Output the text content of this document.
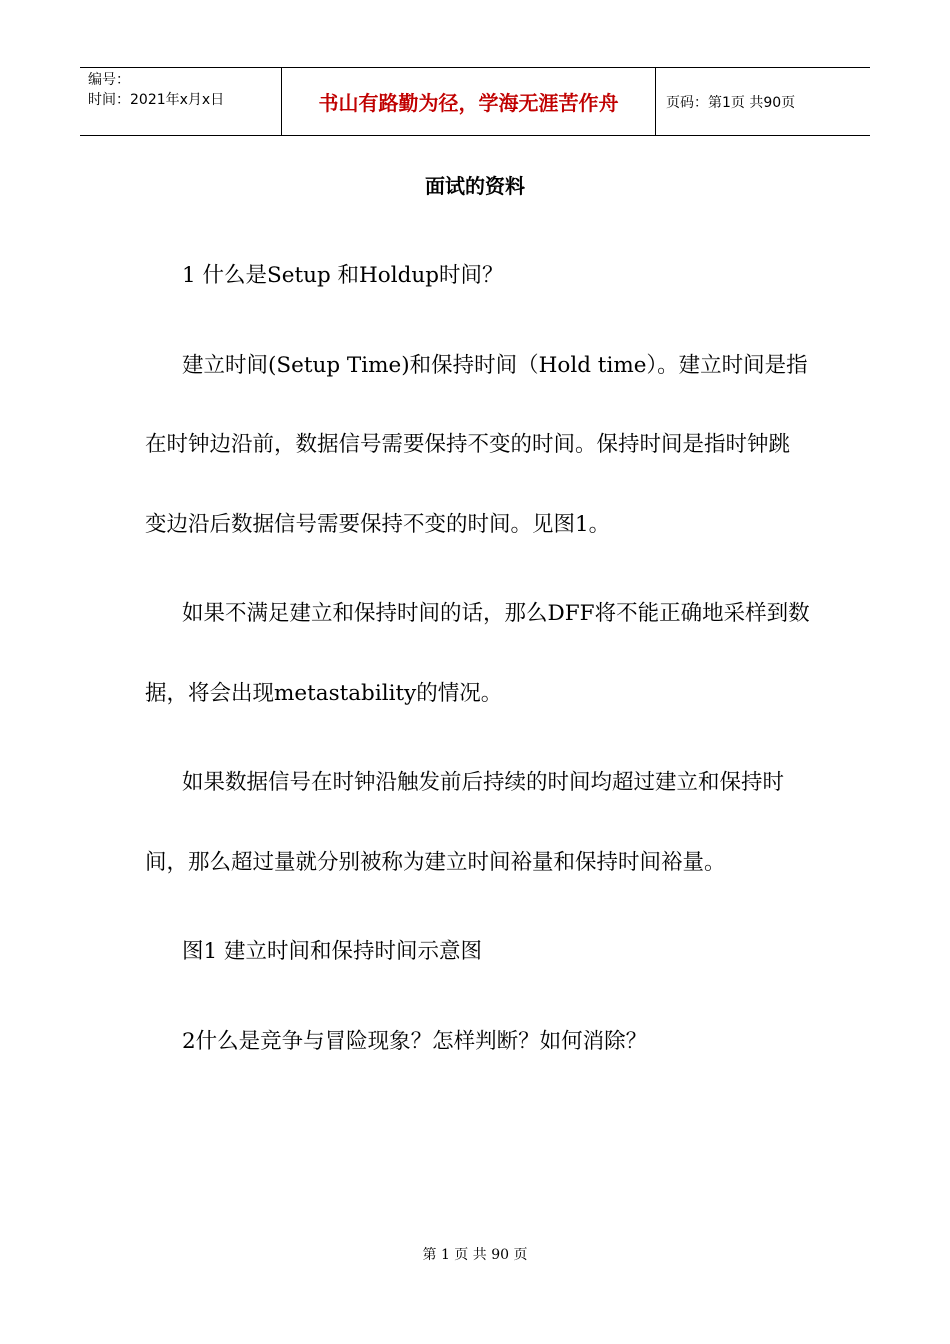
编号：
时间：2021年x月x日	书山有路勤为径，学海无涯苦作舟	页码：第1页 共90页
面试的资料

1 什么是Setup 和Holdup时间？

建立时间(Setup Time)和保持时间（Hold time）。建立时间是指在时钟边沿前，数据信号需要保持不变的时间。保持时间是指时钟跳变边沿后数据信号需要保持不变的时间。见图1。

如果不满足建立和保持时间的话，那么DFF将不能正确地采样到数据，将会出现metastability的情况。

如果数据信号在时钟沿触发前后持续的时间均超过建立和保持时间，那么超过量就分别被称为建立时间裕量和保持时间裕量。

图1 建立时间和保持时间示意图

2什么是竞争与冒险现象？怎样判断？如何消除？

第 1 页 共 90 页
